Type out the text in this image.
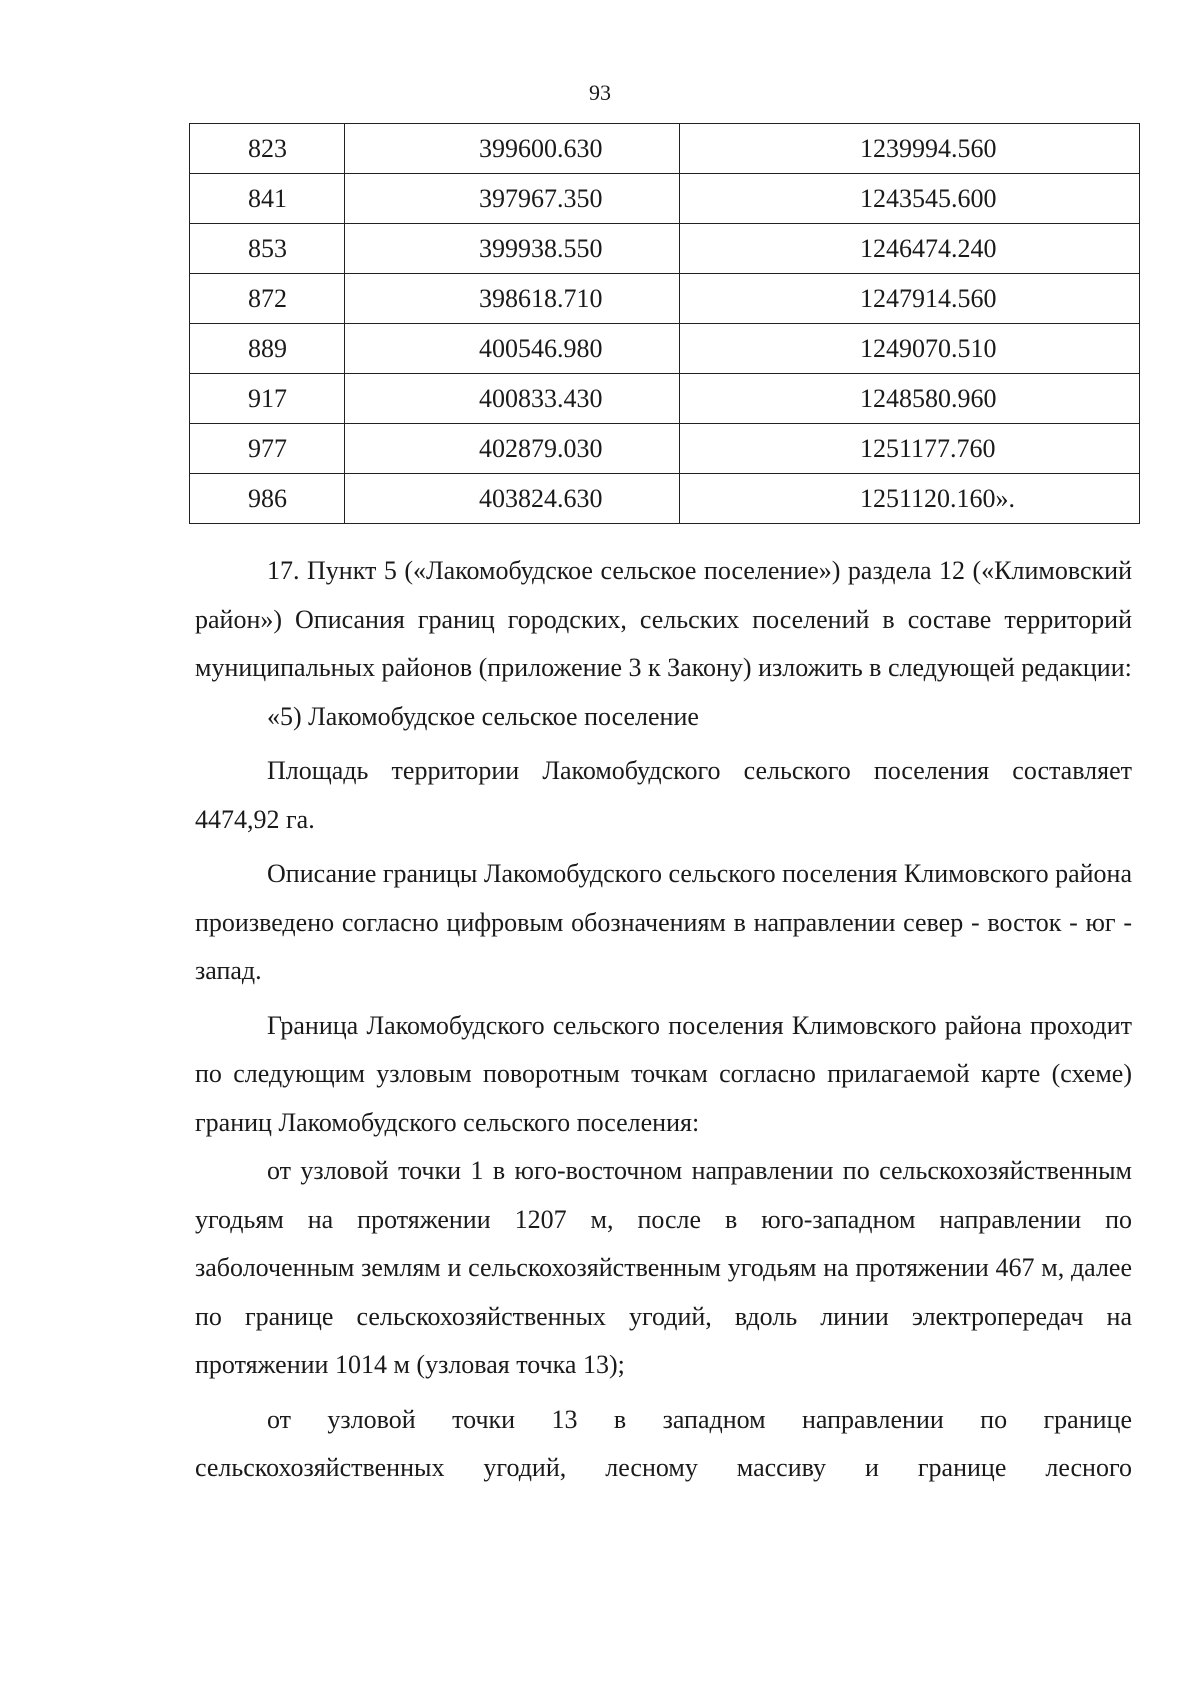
93
823	399600.630	1239994.560
841	397967.350	1243545.600
853	399938.550	1246474.240
872	398618.710	1247914.560
889	400546.980	1249070.510
917	400833.430	1248580.960
977	402879.030	1251177.760
986	403824.630	1251120.160».

17. Пункт 5 («Лакомобудское сельское поселение») раздела 12 («Климовский район») Описания границ городских, сельских поселений в составе территорий муниципальных районов (приложение 3 к Закону) изложить в следующей редакции:

«5) Лакомобудское сельское поселение

Площадь территории Лакомобудского сельского поселения составляет 4474,92 га.

Описание границы Лакомобудского сельского поселения Климовского района произведено согласно цифровым обозначениям в направлении север - восток - юг - запад.

Граница Лакомобудского сельского поселения Климовского района проходит по следующим узловым поворотным точкам согласно прилагаемой карте (схеме) границ Лакомобудского сельского поселения:

от узловой точки 1 в юго-восточном направлении по сельскохозяйственным угодьям на протяжении 1207 м, после в юго-западном направлении по заболоченным землям и сельскохозяйственным угодьям на протяжении 467 м, далее по границе сельскохозяйственных угодий, вдоль линии электропередач на протяжении 1014 м (узловая точка 13);

от узловой точки 13 в западном направлении по границе сельскохозяйственных угодий, лесному массиву и границе лесного
